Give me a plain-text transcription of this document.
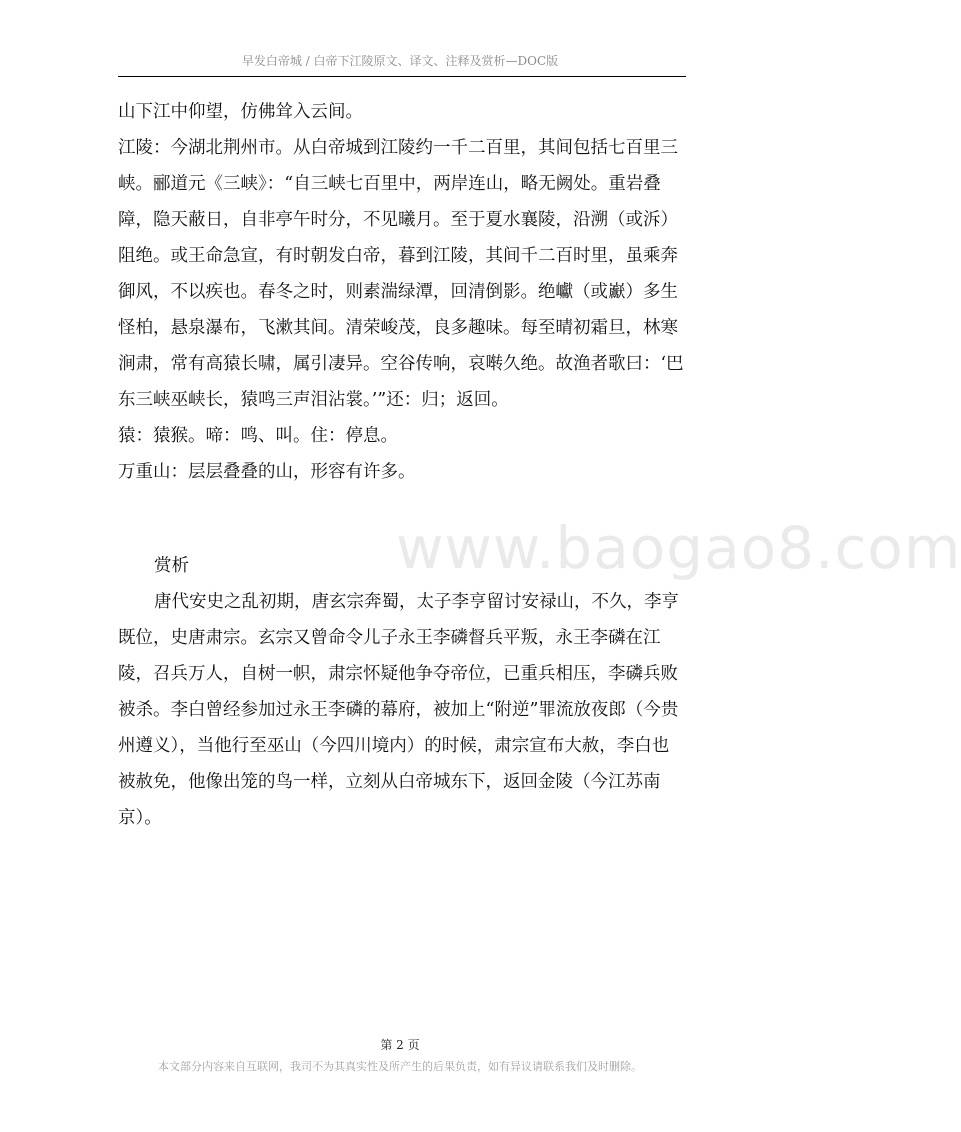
早发白帝城 / 白帝下江陵原文、译文、注释及赏析—DOC版

山下江中仰望，仿佛耸入云间。

江陵：今湖北荆州市。从白帝城到江陵约一千二百里，其间包括七百里三峡。郦道元《三峡》：“自三峡七百里中，两岸连山，略无阙处。重岩叠障，隐天蔽日，自非亭午时分，不见曦月。至于夏水襄陵，沿溯（或泝）阻绝。或王命急宣，有时朝发白帝，暮到江陵，其间千二百时里，虽乘奔御风，不以疾也。春冬之时，则素湍绿潭，回清倒影。绝巘（或巚）多生怪柏，悬泉瀑布，飞漱其间。清荣峻茂，良多趣味。每至晴初霜旦，林寒涧肃，常有高猿长啸，属引凄异。空谷传响，哀啭久绝。故渔者歌曰：‘巴东三峡巫峡长，猿鸣三声泪沾裳。’”还：归；返回。

猿：猿猴。啼：鸣、叫。住：停息。

万重山：层层叠叠的山，形容有许多。

赏析

唐代安史之乱初期，唐玄宗奔蜀，太子李亨留讨安禄山，不久，李亨既位，史唐肃宗。玄宗又曾命令儿子永王李磷督兵平叛，永王李磷在江陵，召兵万人，自树一帜，肃宗怀疑他争夺帝位，已重兵相压，李磷兵败被杀。李白曾经参加过永王李磷的幕府，被加上“附逆”罪流放夜郎（今贵州遵义），当他行至巫山（今四川境内）的时候，肃宗宣布大赦，李白也被赦免，他像出笼的鸟一样，立刻从白帝城东下，返回金陵（今江苏南京）。

www.baogao8.com
第 2 页
本文部分内容来自互联网，我司不为其真实性及所产生的后果负责，如有异议请联系我们及时删除。
